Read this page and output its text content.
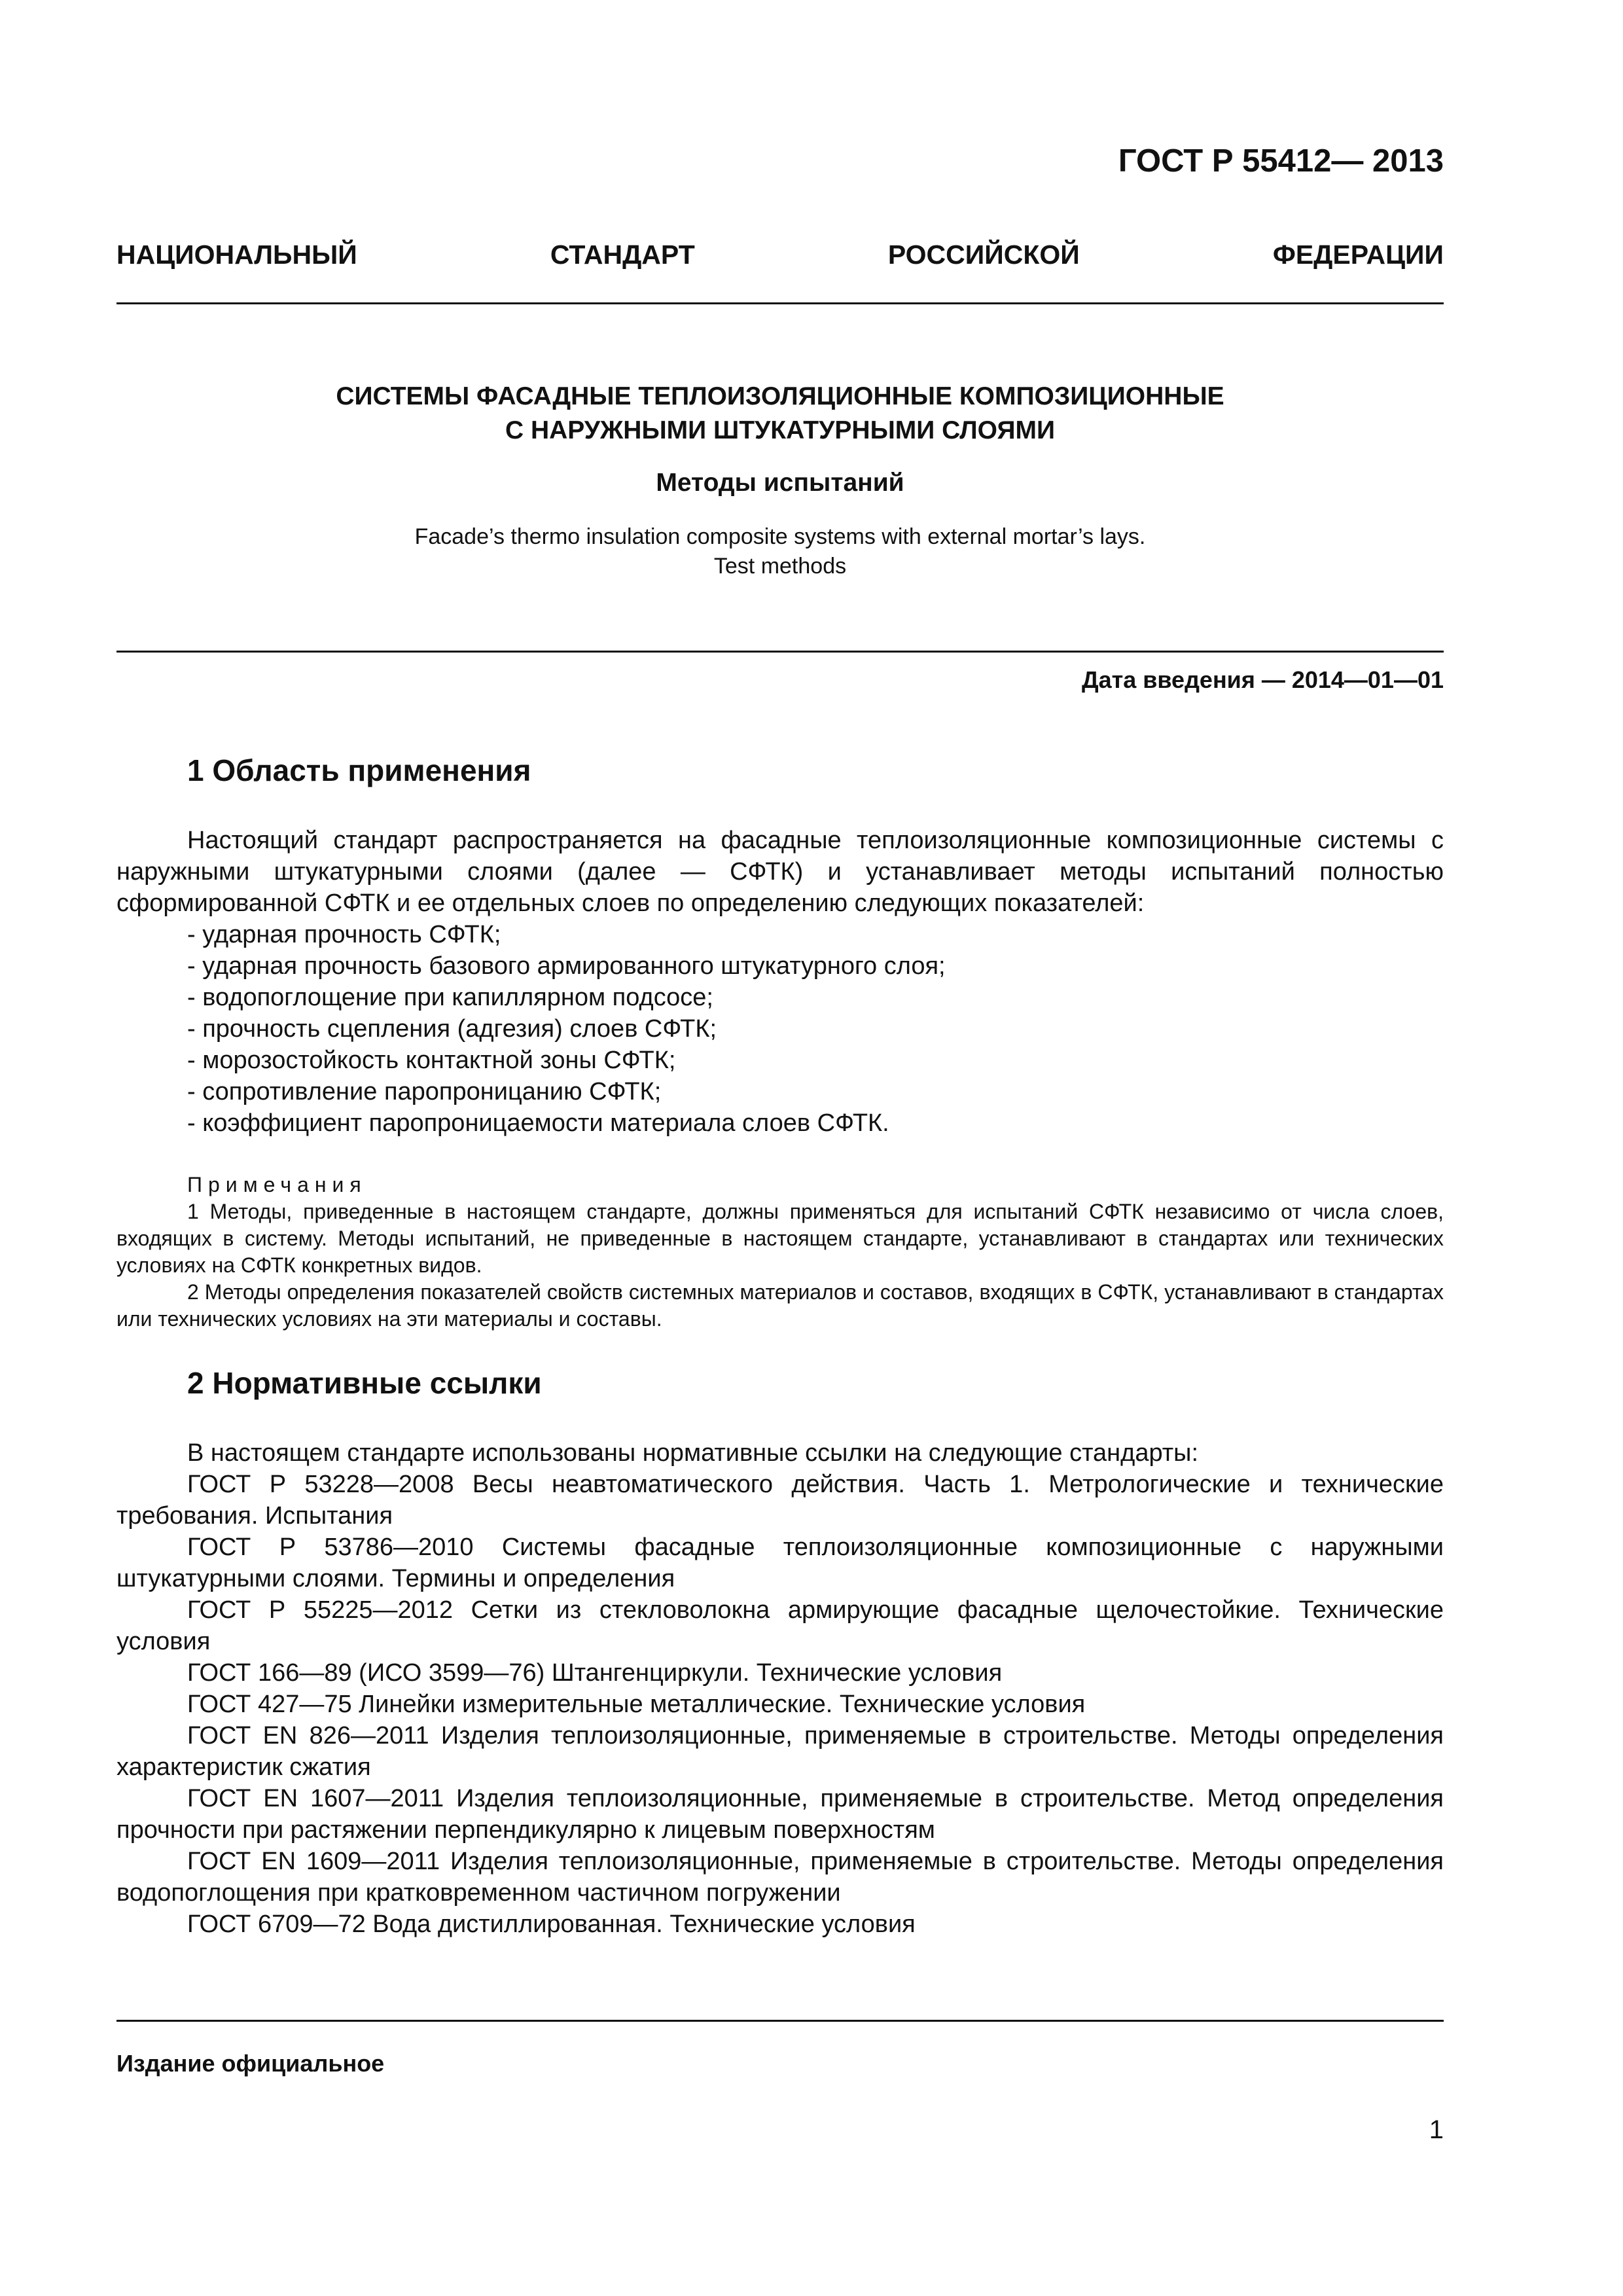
ГОСТ Р 55412— 2013
НАЦИОНАЛЬНЫЙ	СТАНДАРТ	РОССИЙСКОЙ	ФЕДЕРАЦИИ
СИСТЕМЫ ФАСАДНЫЕ ТЕПЛОИЗОЛЯЦИОННЫЕ КОМПОЗИЦИОННЫЕ
С НАРУЖНЫМИ ШТУКАТУРНЫМИ СЛОЯМИ
Методы испытаний
Facade’s thermo insulation composite systems with external mortar’s lays.
Test methods
Дата введения — 2014—01—01
1 Область применения

Настоящий стандарт распространяется на фасадные теплоизоляционные композиционные системы с наружными штукатурными слоями (далее — СФТК) и устанавливает методы испытаний полностью сформированной СФТК и ее отдельных слоев по определению следующих показателей:

- ударная прочность СФТК;
- ударная прочность базового армированного штукатурного слоя;
- водопоглощение при капиллярном подсосе;
- прочность сцепления (адгезия) слоев СФТК;
- морозостойкость контактной зоны СФТК;
- сопротивление паропроницанию СФТК;
- коэффициент паропроницаемости материала слоев СФТК.

Примечания

1 Методы, приведенные в настоящем стандарте, должны применяться для испытаний СФТК независимо от числа слоев, входящих в систему. Методы испытаний, не приведенные в настоящем стандарте, устанавливают в стандартах или технических условиях на СФТК конкретных видов.

2 Методы определения показателей свойств системных материалов и составов, входящих в СФТК, устанавливают в стандартах или технических условиях на эти материалы и составы.

2 Нормативные ссылки

В настоящем стандарте использованы нормативные ссылки на следующие стандарты:

ГОСТ Р 53228—2008 Весы неавтоматического действия. Часть 1. Метрологические и технические требования. Испытания

ГОСТ Р 53786—2010 Системы фасадные теплоизоляционные композиционные с наружными штукатурными слоями. Термины и определения

ГОСТ Р 55225—2012 Сетки из стекловолокна армирующие фасадные щелочестойкие. Технические условия

ГОСТ 166—89 (ИСО 3599—76) Штангенциркули. Технические условия

ГОСТ 427—75 Линейки измерительные металлические. Технические условия

ГОСТ EN 826—2011 Изделия теплоизоляционные, применяемые в строительстве. Методы определения характеристик сжатия

ГОСТ EN 1607—2011 Изделия теплоизоляционные, применяемые в строительстве. Метод определения прочности при растяжении перпендикулярно к лицевым поверхностям

ГОСТ EN 1609—2011 Изделия теплоизоляционные, применяемые в строительстве. Методы определения водопоглощения при кратковременном частичном погружении

ГОСТ 6709—72 Вода дистиллированная. Технические условия

Издание официальное
1
